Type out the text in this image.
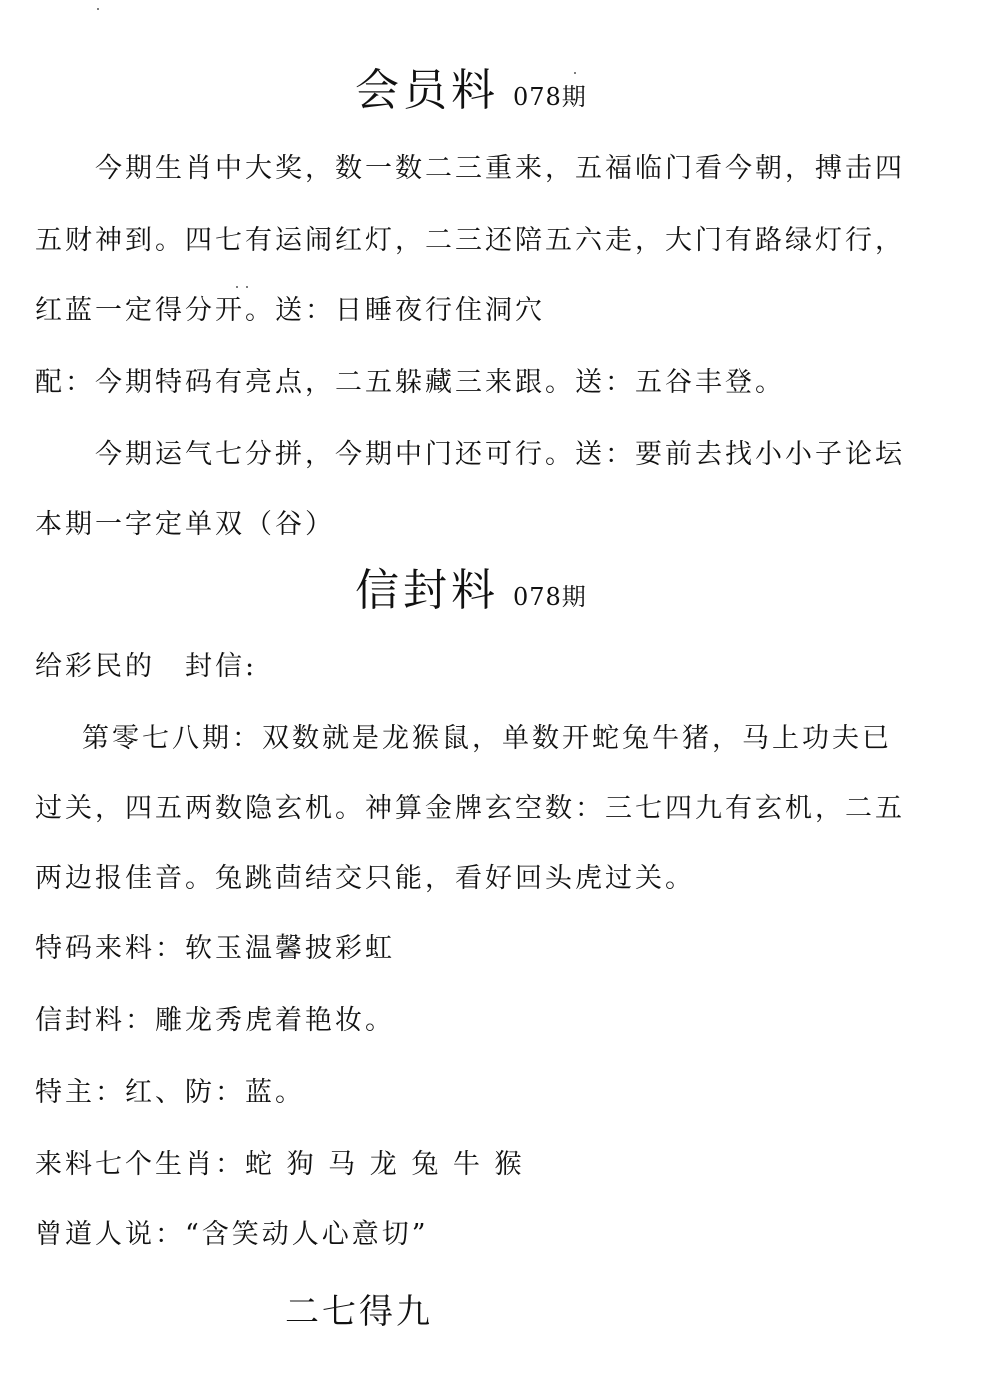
会员料 078期
今期生肖中大奖，数一数二三重来，五福临门看今朝，搏击四
五财神到。四七有运闹红灯，二三还陪五六走，大门有路绿灯行，
红蓝一定得分开。送：日睡夜行住洞穴
配：今期特码有亮点，二五躲藏三来跟。送：五谷丰登。
今期运气七分拼，今期中门还可行。送：要前去找小小子论坛
本期一字定单双（谷）
信封料 078期
给彩民的　封信:
第零七八期：双数就是龙猴鼠，单数开蛇兔牛猪，马上功夫已
过关，四五两数隐玄机。神算金牌玄空数：三七四九有玄机，二五
两边报佳音。兔跳茴结交只能，看好回头虎过关。
特码来料：软玉温馨披彩虹
信封料：雕龙秀虎着艳妆。
特主：红、防：蓝。
来料七个生肖：蛇 狗 马 龙 兔 牛 猴
曾道人说：“含笑动人心意切”
二七得九
